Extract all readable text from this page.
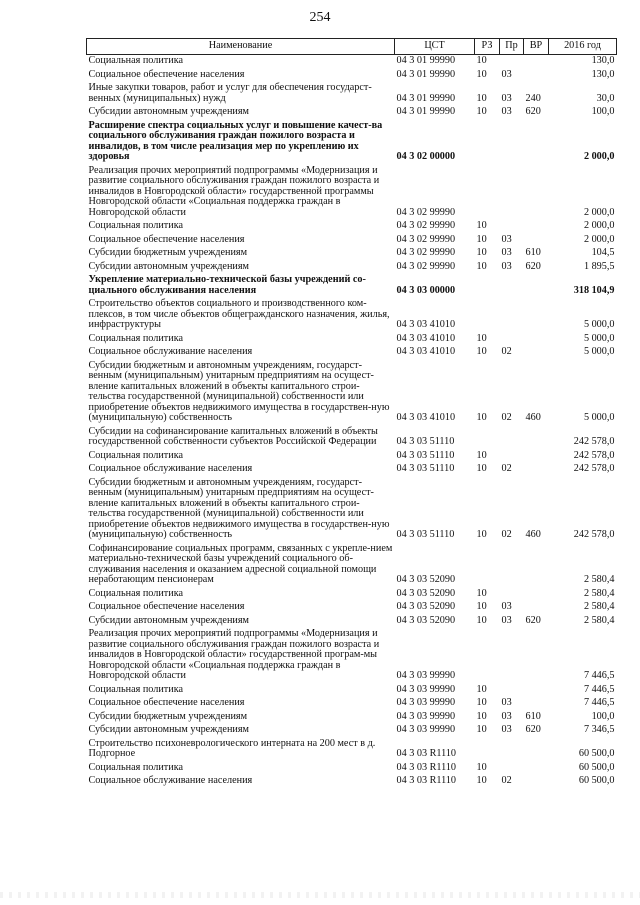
254
Наименование	ЦСТ	РЗ	Пр	ВР	2016 год
Социальная политика	04 3 01 99990	10			130,0
Социальное обеспечение населения	04 3 01 99990	10	03		130,0
Иные закупки товаров, работ и услуг для обеспечения государст-венных (муниципальных) нужд	04 3 01 99990	10	03	240	30,0
Субсидии автономным учреждениям	04 3 01 99990	10	03	620	100,0
Расширение спектра социальных услуг и повышение качест-ва социального обслуживания граждан пожилого возраста и инвалидов, в том числе реализация мер по укреплению их здоровья	04 3 02 00000				2 000,0
Реализация прочих мероприятий подпрограммы «Модернизация и развитие социального обслуживания граждан пожилого возраста и инвалидов в Новгородской области» государственной программы Новгородской области «Социальная поддержка граждан в Новгородской области	04 3 02 99990				2 000,0
Социальная политика	04 3 02 99990	10			2 000,0
Социальное обеспечение населения	04 3 02 99990	10	03		2 000,0
Субсидии бюджетным учреждениям	04 3 02 99990	10	03	610	104,5
Субсидии автономным учреждениям	04 3 02 99990	10	03	620	1 895,5
Укрепление материально-технической базы учреждений со-циального обслуживания населения	04 3 03 00000				318 104,9
Строительство объектов социального и производственного ком-плексов, в том числе объектов общегражданского назначения, жилья, инфраструктуры	04 3 03 41010				5 000,0
Социальная политика	04 3 03 41010	10			5 000,0
Социальное обслуживание населения	04 3 03 41010	10	02		5 000,0
Субсидии бюджетным и автономным учреждениям, государст-венным (муниципальным) унитарным предприятиям на осущест-вление капитальных вложений в объекты капитального строи-тельства государственной (муниципальной) собственности или приобретение объектов недвижимого имущества в государствен-ную (муниципальную) собственность	04 3 03 41010	10	02	460	5 000,0
Субсидии на софинансирование капитальных вложений в объекты государственной собственности субъектов Российской Федерации	04 3 03 51110				242 578,0
Социальная политика	04 3 03 51110	10			242 578,0
Социальное обслуживание населения	04 3 03 51110	10	02		242 578,0
Субсидии бюджетным и автономным учреждениям, государст-венным (муниципальным) унитарным предприятиям на осущест-вление капитальных вложений в объекты капитального строи-тельства государственной (муниципальной) собственности или приобретение объектов недвижимого имущества в государствен-ную (муниципальную) собственность	04 3 03 51110	10	02	460	242 578,0
Софинансирование социальных программ, связанных с укрепле-нием материально-технической базы учреждений социального об-служивания населения и оказанием адресной социальной помощи неработающим пенсионерам	04 3 03 52090				2 580,4
Социальная политика	04 3 03 52090	10			2 580,4
Социальное обеспечение населения	04 3 03 52090	10	03		2 580,4
Субсидии автономным учреждениям	04 3 03 52090	10	03	620	2 580,4
Реализация прочих мероприятий подпрограммы «Модернизация и развитие социального обслуживания граждан пожилого возраста и инвалидов в Новгородской области» государственной програм-мы Новгородской области «Социальная поддержка граждан в Новгородской области	04 3 03 99990				7 446,5
Социальная политика	04 3 03 99990	10			7 446,5
Социальное обеспечение населения	04 3 03 99990	10	03		7 446,5
Субсидии бюджетным учреждениям	04 3 03 99990	10	03	610	100,0
Субсидии автономным учреждениям	04 3 03 99990	10	03	620	7 346,5
Строительство психоневрологического интерната на 200 мест в д. Подгорное	04 3 03 R1110				60 500,0
Социальная политика	04 3 03 R1110	10			60 500,0
Социальное обслуживание населения	04 3 03 R1110	10	02		60 500,0
